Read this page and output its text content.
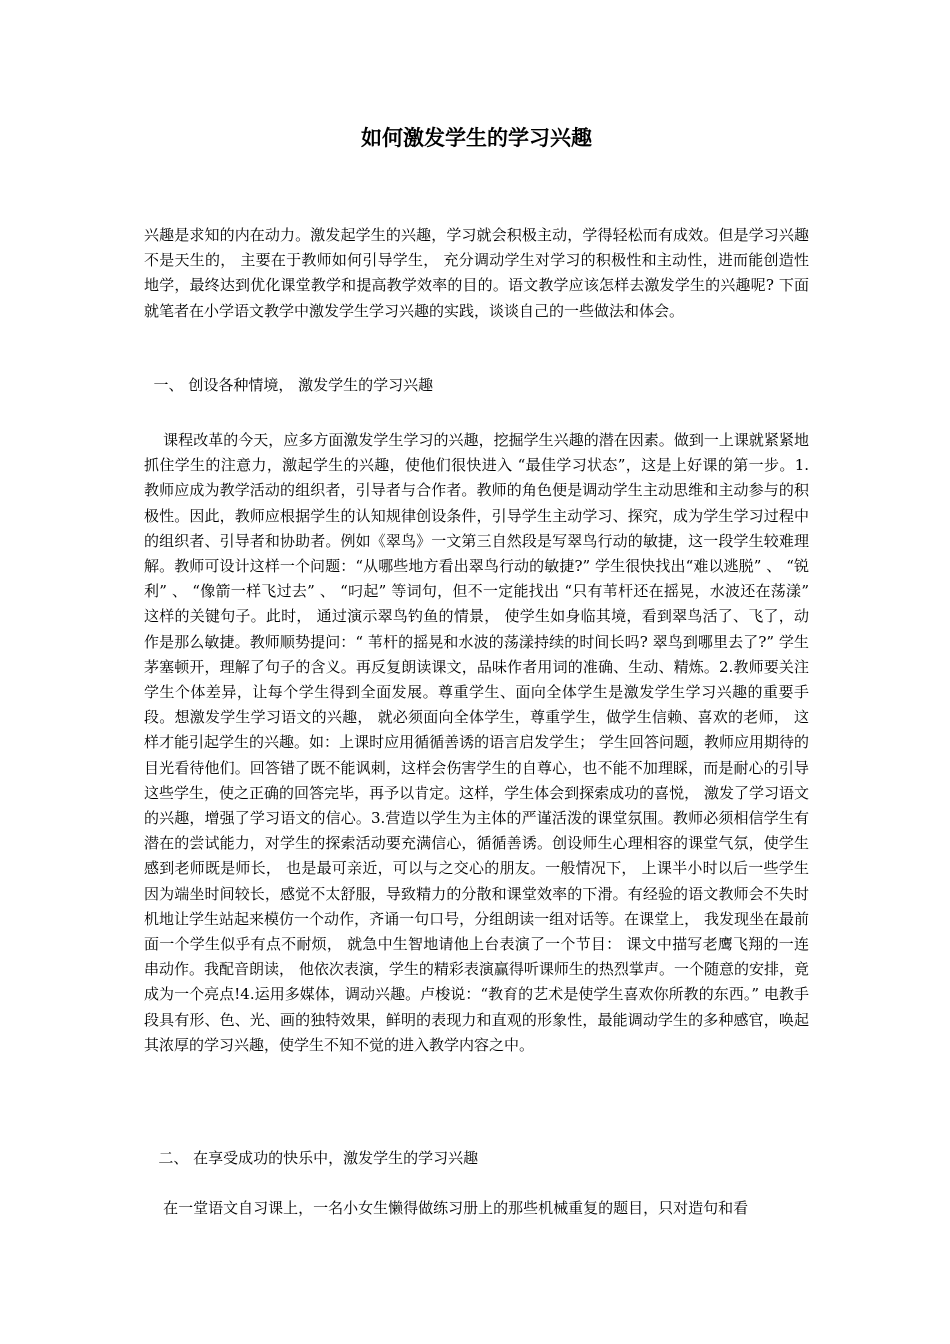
如何激发学生的学习兴趣

兴趣是求知的内在动力。激发起学生的兴趣，学习就会积极主动，学得轻松而有成效。但是学习兴趣不是天生的， 主要在于教师如何引导学生， 充分调动学生对学习的积极性和主动性，进而能创造性地学，最终达到优化课堂教学和提高教学效率的目的。语文教学应该怎样去激发学生的兴趣呢? 下面就笔者在小学语文教学中激发学生学习兴趣的实践，谈谈自己的一些做法和体会。

一、 创设各种情境， 激发学生的学习兴趣

课程改革的今天，应多方面激发学生学习的兴趣，挖掘学生兴趣的潜在因素。做到一上课就紧紧地抓住学生的注意力，激起学生的兴趣，使他们很快进入 “最佳学习状态”，这是上好课的第一步。1. 教师应成为教学活动的组织者，引导者与合作者。教师的角色便是调动学生主动思维和主动参与的积极性。因此，教师应根据学生的认知规律创设条件，引导学生主动学习、探究，成为学生学习过程中的组织者、引导者和协助者。例如《翠鸟》一文第三自然段是写翠鸟行动的敏捷，这一段学生较难理解。教师可设计这样一个问题：“从哪些地方看出翠鸟行动的敏捷?” 学生很快找出“难以逃脱” 、 “锐利” 、 “像箭一样飞过去” 、 “叼起” 等词句，但不一定能找出 “只有苇杆还在摇晃，水波还在荡漾” 这样的关键句子。此时， 通过演示翠鸟钓鱼的情景， 使学生如身临其境，看到翠鸟活了、飞了，动作是那么敏捷。教师顺势提问：“ 苇杆的摇晃和水波的荡漾持续的时间长吗? 翠鸟到哪里去了?” 学生茅塞顿开，理解了句子的含义。再反复朗读课文，品味作者用词的准确、生动、精炼。2.教师要关注学生个体差异，让每个学生得到全面发展。尊重学生、面向全体学生是激发学生学习兴趣的重要手段。想激发学生学习语文的兴趣， 就必须面向全体学生，尊重学生，做学生信赖、喜欢的老师， 这样才能引起学生的兴趣。如：上课时应用循循善诱的语言启发学生； 学生回答问题，教师应用期待的目光看待他们。回答错了既不能讽刺，这样会伤害学生的自尊心，也不能不加理睬，而是耐心的引导这些学生，使之正确的回答完毕，再予以肯定。这样，学生体会到探索成功的喜悦， 激发了学习语文的兴趣，增强了学习语文的信心。3.营造以学生为主体的严谨活泼的课堂氛围。教师必须相信学生有潜在的尝试能力，对学生的探索活动要充满信心，循循善诱。创设师生心理相容的课堂气氛，使学生感到老师既是师长， 也是最可亲近，可以与之交心的朋友。一般情况下， 上课半小时以后一些学生因为端坐时间较长，感觉不太舒服，导致精力的分散和课堂效率的下滑。有经验的语文教师会不失时机地让学生站起来模仿一个动作，齐诵一句口号，分组朗读一组对话等。在课堂上， 我发现坐在最前面一个学生似乎有点不耐烦， 就急中生智地请他上台表演了一个节目： 课文中描写老鹰飞翔的一连串动作。我配音朗读， 他依次表演，学生的精彩表演赢得听课师生的热烈掌声。一个随意的安排，竟成为一个亮点!4.运用多媒体，调动兴趣。卢梭说：“教育的艺术是使学生喜欢你所教的东西。” 电教手段具有形、色、光、画的独特效果，鲜明的表现力和直观的形象性，最能调动学生的多种感官，唤起其浓厚的学习兴趣，使学生不知不觉的进入教学内容之中。

二、 在享受成功的快乐中，激发学生的学习兴趣

在一堂语文自习课上，一名小女生懒得做练习册上的那些机械重复的题目，只对造句和看
